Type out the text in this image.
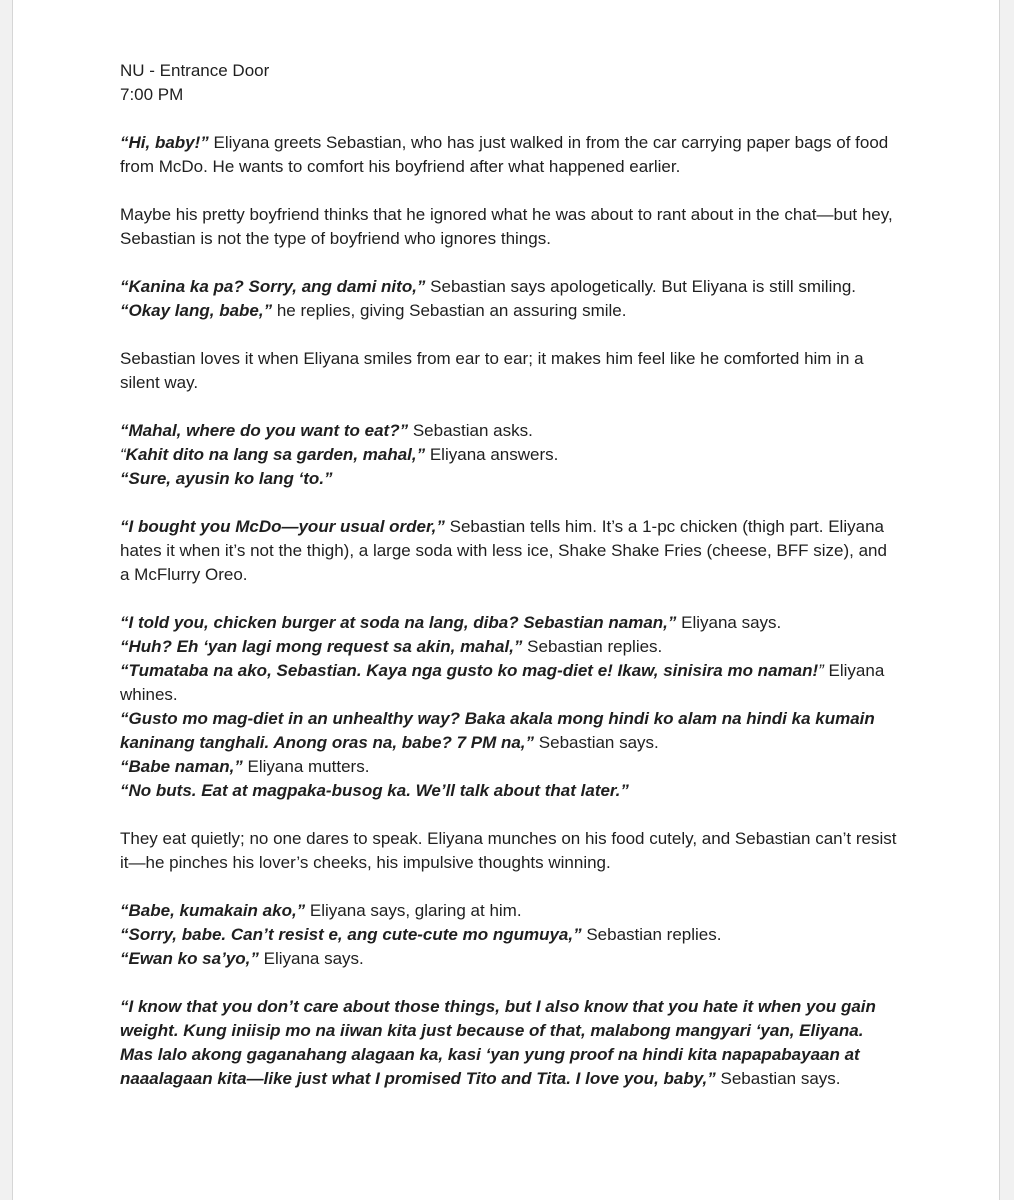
NU - Entrance Door
7:00 PM

“Hi, baby!” Eliyana greets Sebastian, who has just walked in from the car carrying paper bags of food from McDo. He wants to comfort his boyfriend after what happened earlier.

Maybe his pretty boyfriend thinks that he ignored what he was about to rant about in the chat—but hey, Sebastian is not the type of boyfriend who ignores things.

“Kanina ka pa? Sorry, ang dami nito,” Sebastian says apologetically. But Eliyana is still smiling. “Okay lang, babe,” he replies, giving Sebastian an assuring smile.

Sebastian loves it when Eliyana smiles from ear to ear; it makes him feel like he comforted him in a silent way.

“Mahal, where do you want to eat?” Sebastian asks.
“Kahit dito na lang sa garden, mahal,” Eliyana answers.
“Sure, ayusin ko lang ‘to.”

“I bought you McDo—your usual order,” Sebastian tells him. It’s a 1-pc chicken (thigh part. Eliyana hates it when it’s not the thigh), a large soda with less ice, Shake Shake Fries (cheese, BFF size), and a McFlurry Oreo.

“I told you, chicken burger at soda na lang, diba? Sebastian naman,” Eliyana says.
“Huh? Eh ‘yan lagi mong request sa akin, mahal,” Sebastian replies.
“Tumataba na ako, Sebastian. Kaya nga gusto ko mag-diet e! Ikaw, sinisira mo naman!” Eliyana whines.
“Gusto mo mag-diet in an unhealthy way? Baka akala mong hindi ko alam na hindi ka kumain kaninang tanghali. Anong oras na, babe? 7 PM na,” Sebastian says.
“Babe naman,” Eliyana mutters.
“No buts. Eat at magpaka-busog ka. We’ll talk about that later.”

They eat quietly; no one dares to speak. Eliyana munches on his food cutely, and Sebastian can’t resist it—he pinches his lover’s cheeks, his impulsive thoughts winning.

“Babe, kumakain ako,” Eliyana says, glaring at him.
“Sorry, babe. Can’t resist e, ang cute-cute mo ngumuya,” Sebastian replies.
“Ewan ko sa’yo,” Eliyana says.

“I know that you don’t care about those things, but I also know that you hate it when you gain weight. Kung iniisip mo na iiwan kita just because of that, malabong mangyari ‘yan, Eliyana. Mas lalo akong gaganahang alagaan ka, kasi ‘yan yung proof na hindi kita napapabayaan at naaalagaan kita—like just what I promised Tito and Tita. I love you, baby,” Sebastian says.
